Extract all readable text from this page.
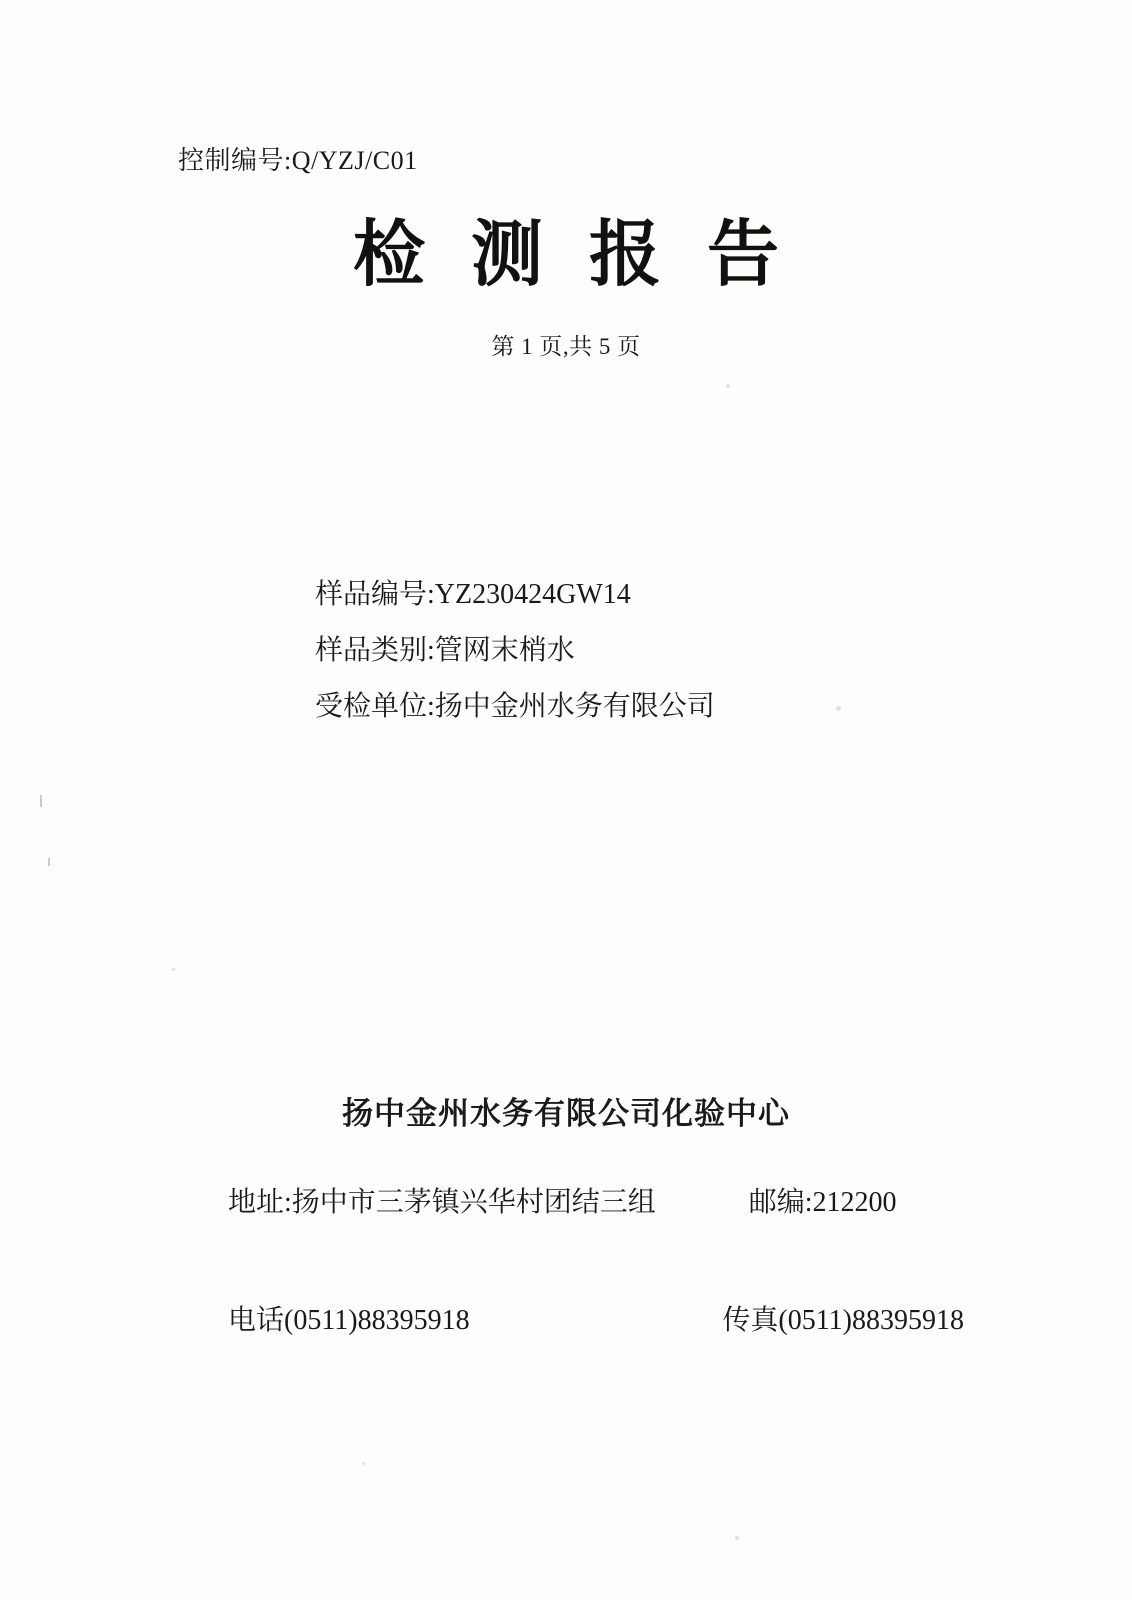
控制编号:Q/YZJ/C01
检测报告
第 1 页,共 5 页
样品编号:YZ230424GW14
样品类别:管网末梢水
受检单位:扬中金州水务有限公司
扬中金州水务有限公司化验中心
地址:扬中市三茅镇兴华村团结三组	邮编:212200
电话(0511)88395918	传真(0511)88395918
